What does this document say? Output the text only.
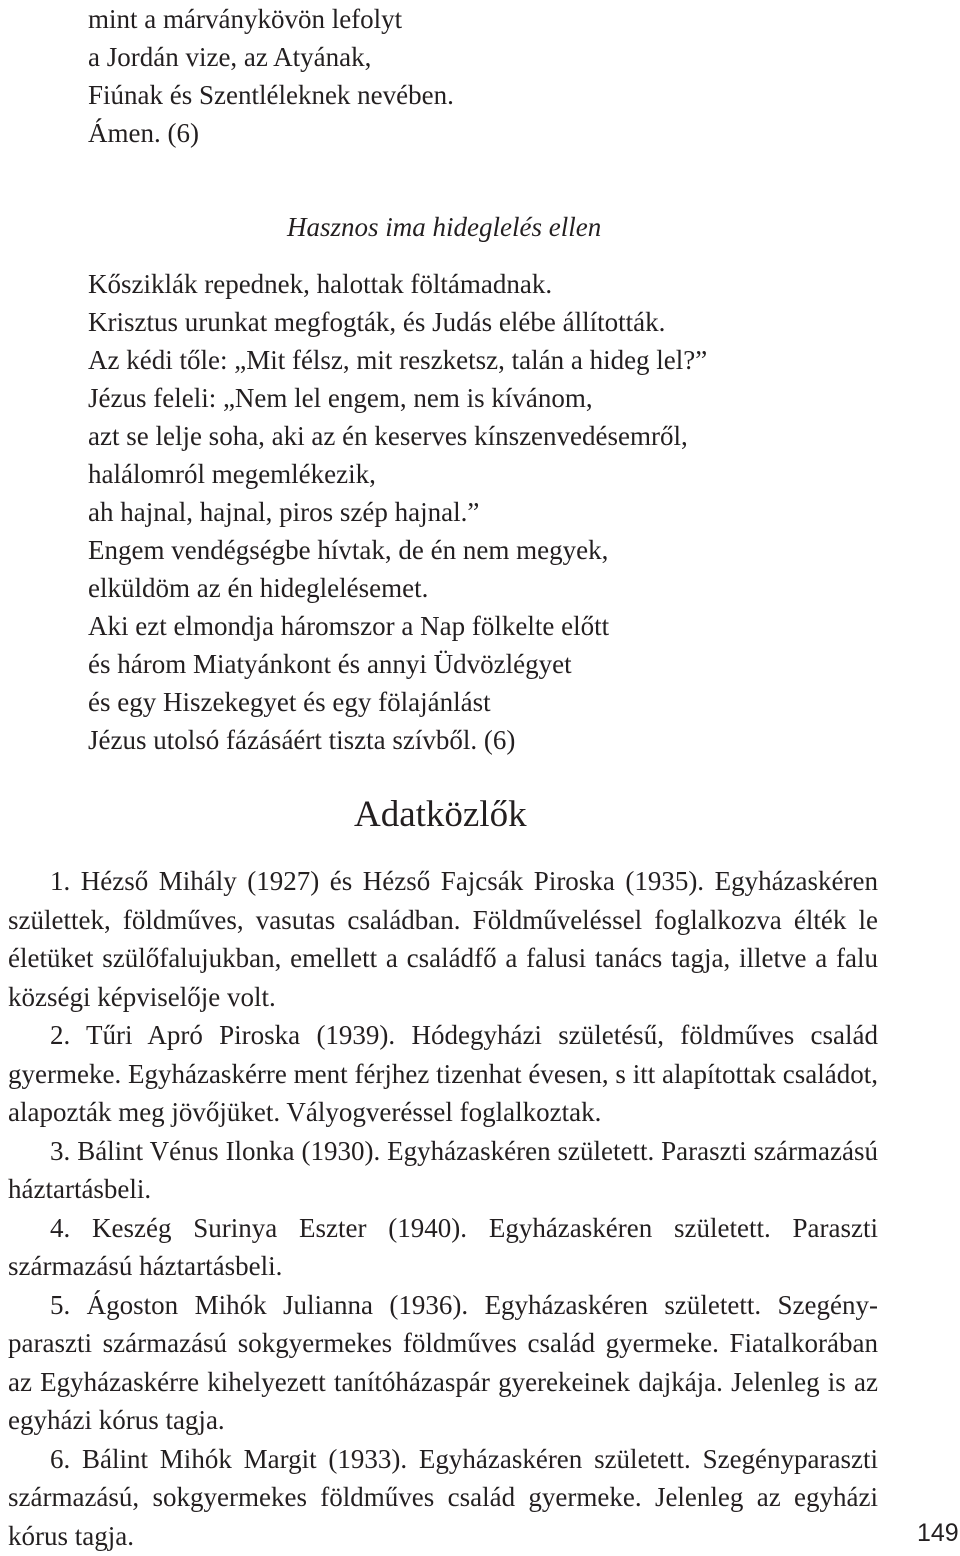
mint a márványkövön lefolyt
a Jordán vize, az Atyának,
Fiúnak és Szentléleknek nevében.
Ámen. (6)
Hasznos ima hideglelés ellen
Kősziklák repednek, halottak föltámadnak.
Krisztus urunkat megfogták, és Judás elébe állították.
Az kédi tőle: „Mit félsz, mit reszketsz, talán a hideg lel?”
Jézus feleli: „Nem lel engem, nem is kívánom,
azt se lelje soha, aki az én keserves kínszenvedésemről,
halálomról megemlékezik,
ah hajnal, hajnal, piros szép hajnal.”
Engem vendégségbe hívtak, de én nem megyek,
elküldöm az én hideglelésemet.
Aki ezt elmondja háromszor a Nap fölkelte előtt
és három Miatyánkont és annyi Üdvözlégyet
és egy Hiszekegyet és egy fölajánlást
Jézus utolsó fázásáért tiszta szívből. (6)
Adatközlők

1. Hézső Mihály (1927) és Hézső Fajcsák Piroska (1935). Egyházaskéren születtek, földműves, vasutas családban. Földműveléssel foglalkozva élték le életüket szülőfalujukban, emellett a családfő a falusi tanács tagja, illetve a falu községi képviselője volt.

2. Tűri Apró Piroska (1939). Hódegyházi születésű, földműves család gyermeke. Egyházaskérre ment férjhez tizenhat évesen, s itt alapítottak családot, alapozták meg jövőjüket. Vályogveréssel foglalkoztak.

3. Bálint Vénus Ilonka (1930). Egyházaskéren született. Paraszti származású háztartásbeli.

4. Keszég Surinya Eszter (1940). Egyházaskéren született. Paraszti származású háztartásbeli.

5. Ágoston Mihók Julianna (1936). Egyházaskéren született. Szegényparaszti származású sokgyermekes földműves család gyermeke. Fiatalkorában az Egyházaskérre kihelyezett tanítóházaspár gyerekeinek dajkája. Jelenleg is az egyházi kórus tagja.

6. Bálint Mihók Margit (1933). Egyházaskéren született. Szegényparaszti származású, sokgyermekes földműves család gyermeke. Jelenleg az egyházi kórus tagja.	149
